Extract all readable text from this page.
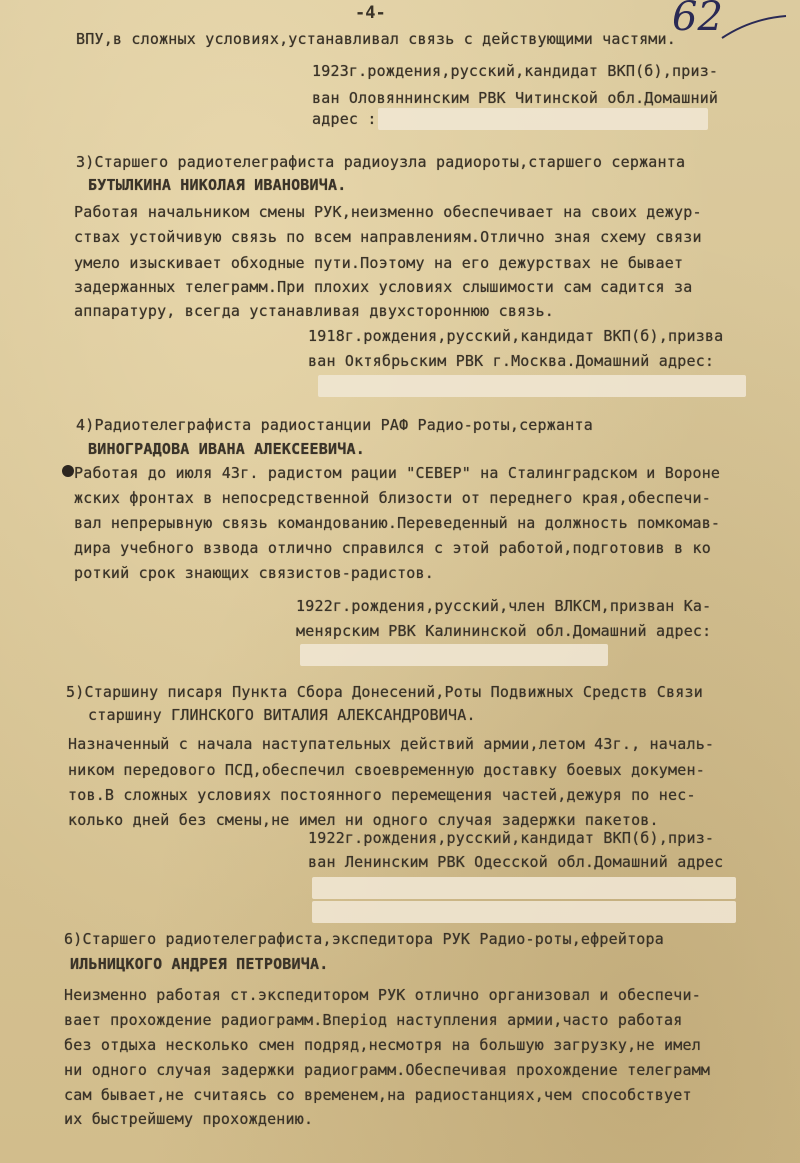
-4-	62
ВПУ,в сложных условиях,устанавливал связь с действующими частями.
1923г.рождения,русский,кандидат ВКП(б),приз-
ван Оловяннинским РВК Читинской обл.Домашний
адрес :
3)Старшего радиотелеграфиста радиоузла радиороты,старшего сержанта
БУТЫЛКИНА НИКОЛАЯ ИВАНОВИЧА.
Работая начальником смены РУК,неизменно обеспечивает на своих дежур-
ствах устойчивую связь по всем направлениям.Отлично зная схему связи
умело изыскивает обходные пути.Поэтому на его дежурствах не бывает
задержанных телеграмм.При плохих условиях слышимости сам садится за
аппаратуру, всегда устанавливая двухстороннюю связь.
1918г.рождения,русский,кандидат ВКП(б),призва
ван Октябрьским РВК г.Москва.Домашний адрес:
4)Радиотелеграфиста радиостанции РАФ Радио-роты,сержанта
ВИНОГРАДОВА ИВАНА АЛЕКСЕЕВИЧА.
Работая до июля 43г. радистом рации "СЕВЕР" на Сталинградском и Вороне
жских фронтах в непосредственной близости от переднего края,обеспечи-
вал непрерывную связь командованию.Переведенный на должность помкомав-
дира учебного взвода отлично справился с этой работой,подготовив в ко
роткий срок знающих связистов-радистов.
1922г.рождения,русский,член ВЛКСМ,призван Ка-
менярским РВК Калининской обл.Домашний адрес:
5)Старшину писаря Пункта Сбора Донесений,Роты Подвижных Средств Связи
старшину ГЛИНСКОГО ВИТАЛИЯ АЛЕКСАНДРОВИЧА.
Назначенный с начала наступательных действий армии,летом 43г., началь-
ником передового ПСД,обеспечил своевременную доставку боевых докумен-
тов.В сложных условиях постоянного перемещения частей,дежуря по нес-
колько дней без смены,не имел ни одного случая задержки пакетов.
1922г.рождения,русский,кандидат ВКП(б),приз-
ван Ленинским РВК Одесской обл.Домашний адрес
6)Старшего радиотелеграфиста,экспедитора РУК Радио-роты,ефрейтора
ИЛЬНИЦКОГО АНДРЕЯ ПЕТРОВИЧА.
Неизменно работая ст.экспедитором РУК отлично организовал и обеспечи-
вает прохождение радиограмм.Вперiод наступления армии,часто работая
без отдыха несколько смен подряд,несмотря на большую загрузку,не имел
ни одного случая задержки радиограмм.Обеспечивая прохождение телеграмм
сам бывает,не считаясь со временем,на радиостанциях,чем способствует
их быстрейшему прохождению.
